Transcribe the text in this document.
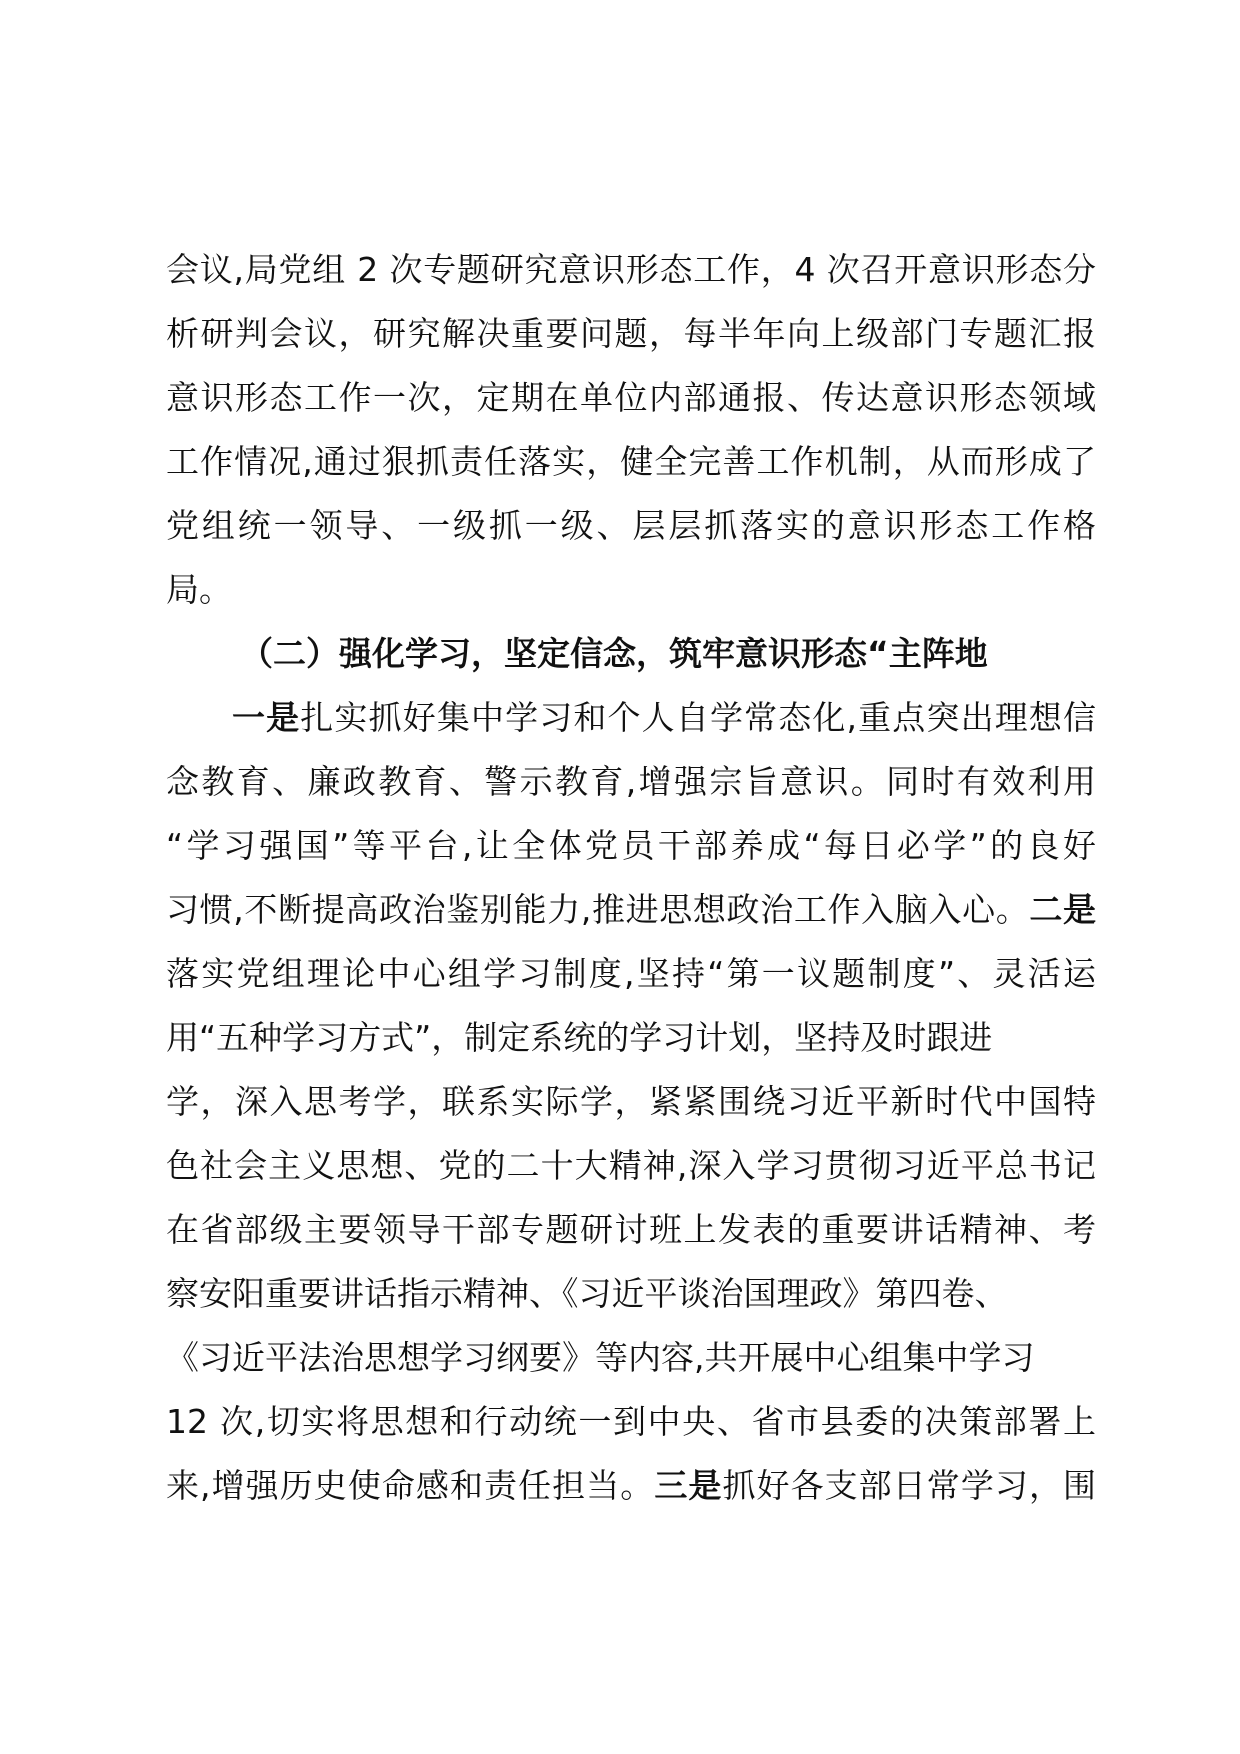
会议,局党组 2 次专题研究意识形态工作，4 次召开意识形态分
析研判会议，研究解决重要问题，每半年向上级部门专题汇报
意识形态工作一次，定期在单位内部通报、传达意识形态领域
工作情况,通过狠抓责任落实，健全完善工作机制，从而形成了
党组统一领导、一级抓一级、层层抓落实的意识形态工作格
局。
（二）强化学习，坚定信念，筑牢意识形态“主阵地
一是扎实抓好集中学习和个人自学常态化,重点突出理想信
念教育、廉政教育、警示教育,增强宗旨意识。同时有效利用
“学习强国”等平台,让全体党员干部养成“每日必学”的良好
习惯,不断提高政治鉴别能力,推进思想政治工作入脑入心。二是
落实党组理论中心组学习制度,坚持“第一议题制度”、灵活运
用“五种学习方式”，制定系统的学习计划，坚持及时跟进
学，深入思考学，联系实际学，紧紧围绕习近平新时代中国特
色社会主义思想、党的二十大精神,深入学习贯彻习近平总书记
在省部级主要领导干部专题研讨班上发表的重要讲话精神、考
察安阳重要讲话指示精神、《习近平谈治国理政》第四卷、
《习近平法治思想学习纲要》等内容,共开展中心组集中学习
12 次,切实将思想和行动统一到中央、省市县委的决策部署上
来,增强历史使命感和责任担当。三是抓好各支部日常学习，围
